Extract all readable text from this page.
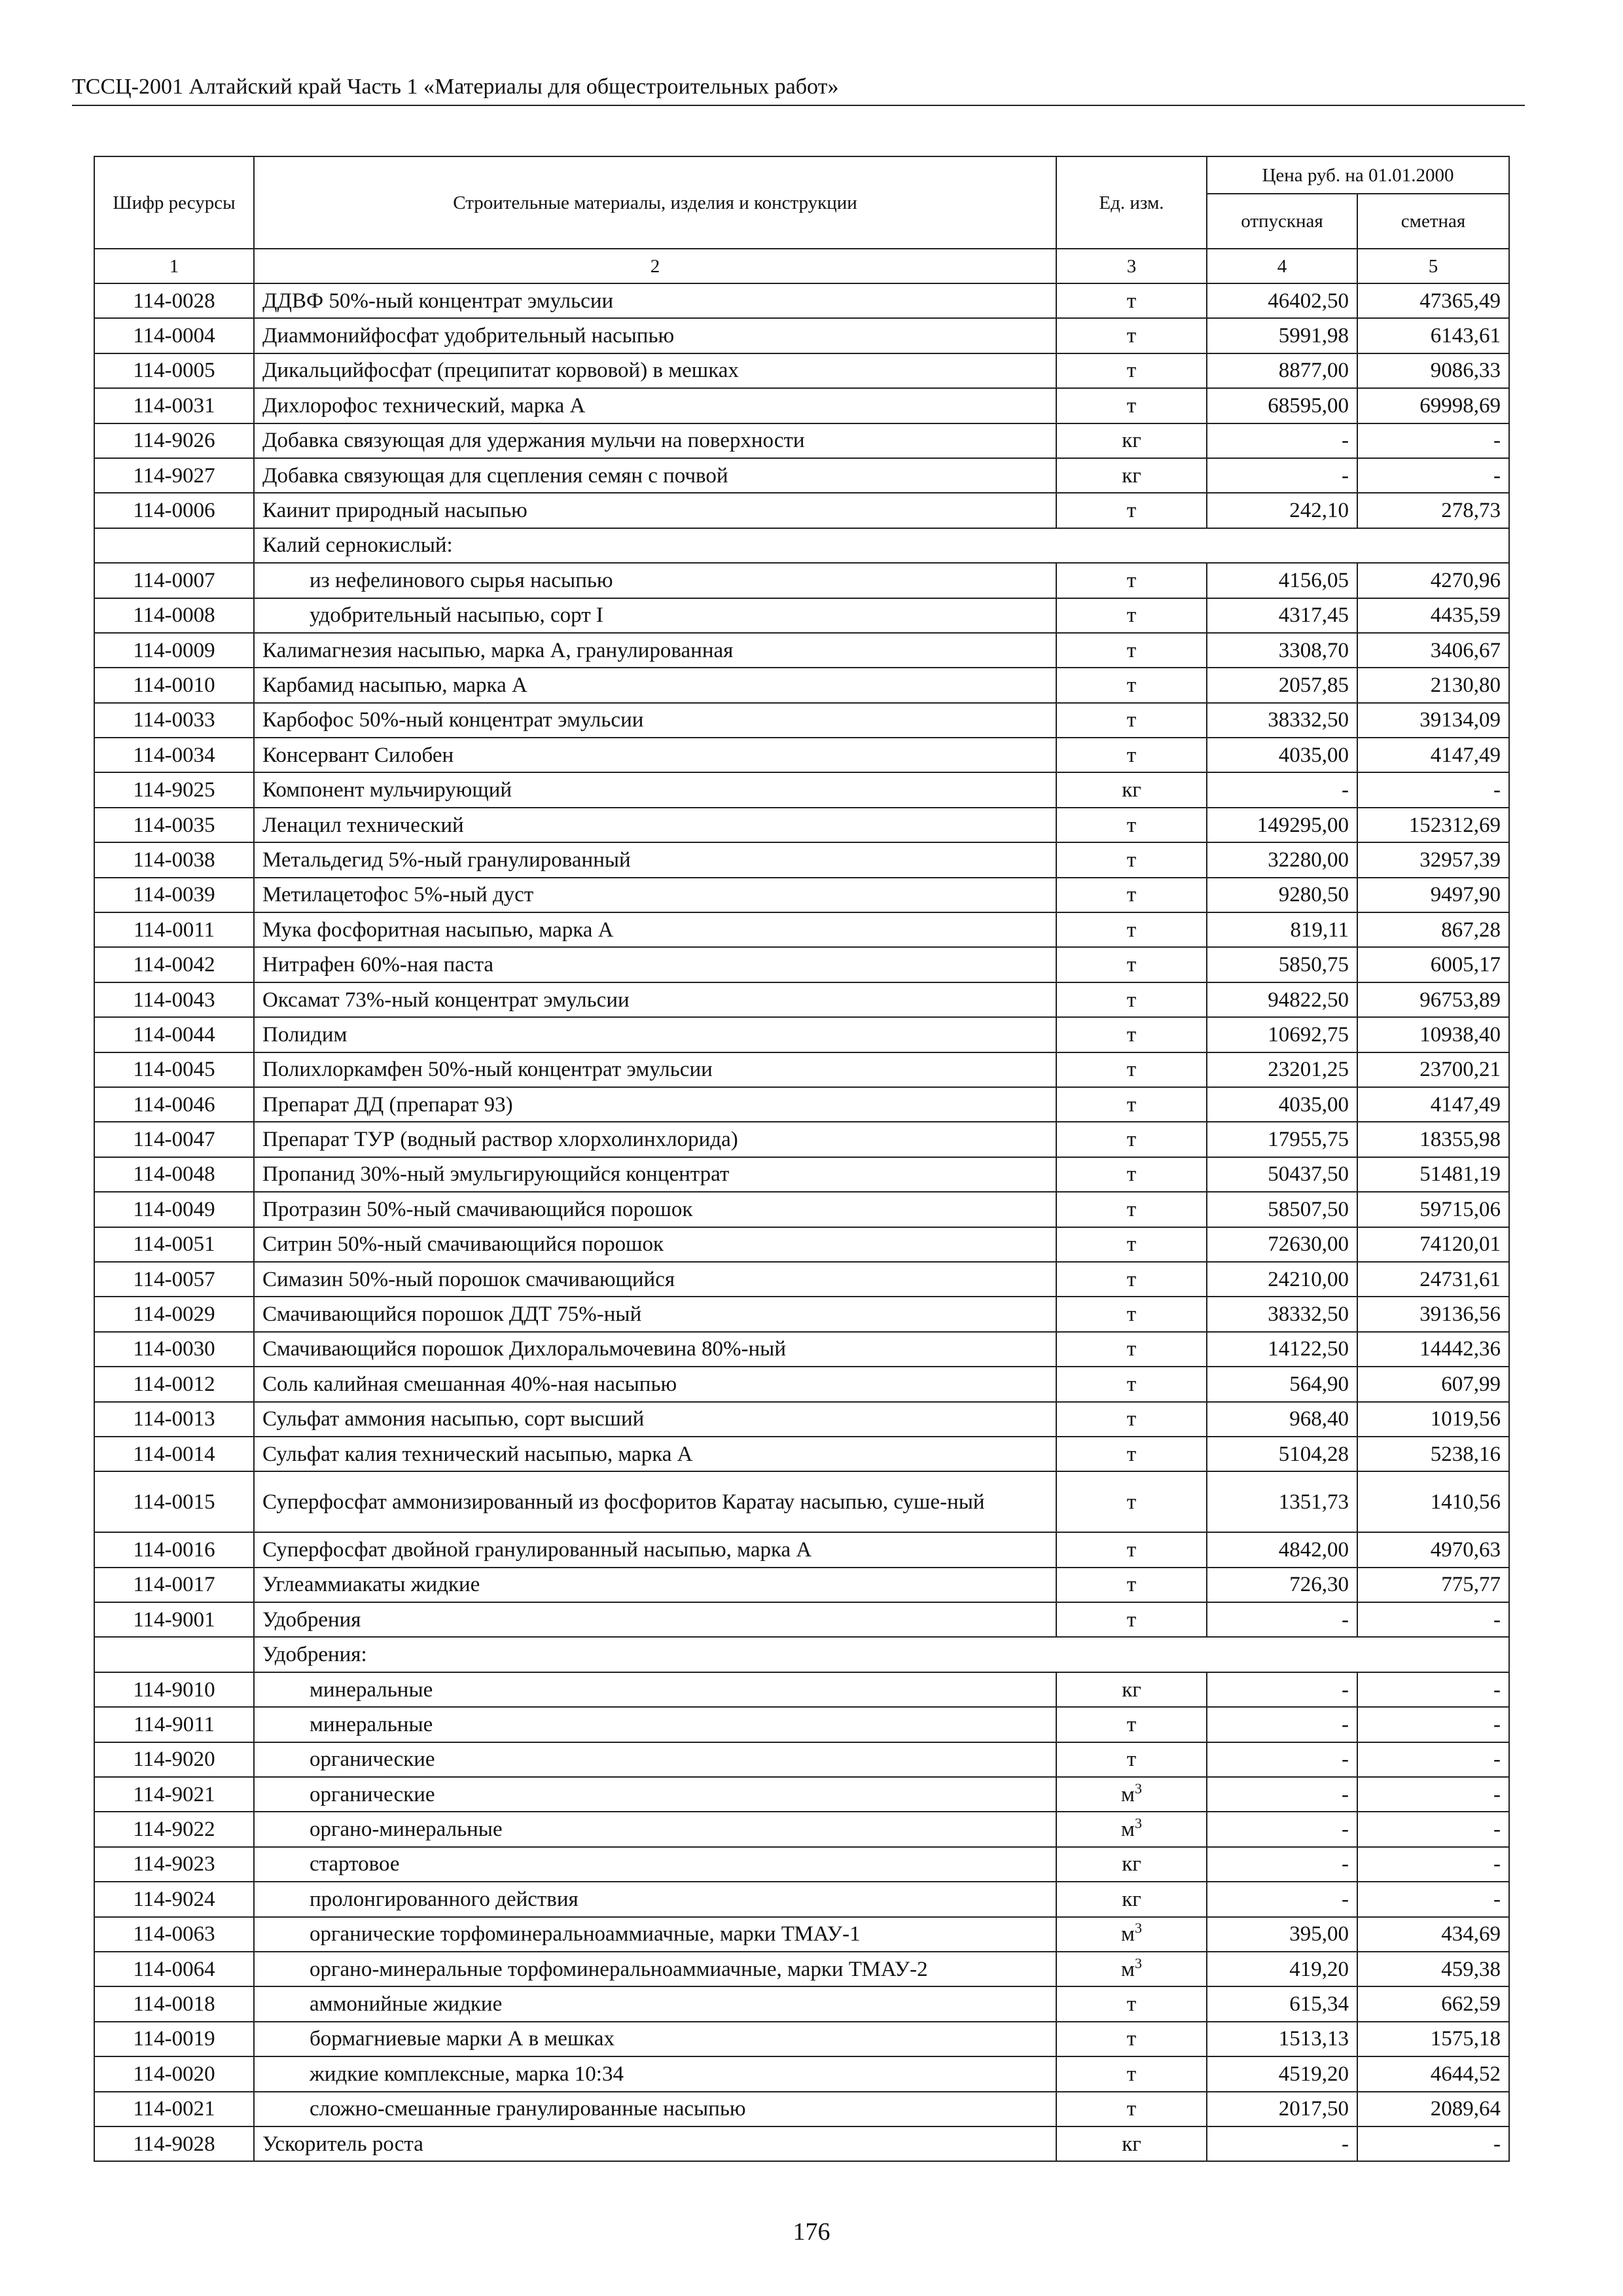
ТССЦ-2001 Алтайский край Часть 1 «Материалы для общестроительных работ»
Шифр ресурсы	Строительные материалы, изделия и конструкции	Ед. изм.	Цена руб. на 01.01.2000	
			отпускная	сметная
1	2	3	4	5
114-0028	ДДВФ 50%-ный концентрат эмульсии	т	46402,50	47365,49
114-0004	Диаммонийфосфат удобрительный насыпью	т	5991,98	6143,61
114-0005	Дикальцийфосфат (преципитат корвовой) в мешках	т	8877,00	9086,33
114-0031	Дихлорофос технический, марка А	т	68595,00	69998,69
114-9026	Добавка связующая для удержания мульчи на поверхности	кг	-	-
114-9027	Добавка связующая для сцепления семян с почвой	кг	-	-
114-0006	Каинит природный насыпью	т	242,10	278,73
	Калий сернокислый:			
114-0007	из нефелинового сырья насыпью	т	4156,05	4270,96
114-0008	удобрительный насыпью, сорт I	т	4317,45	4435,59
114-0009	Калимагнезия насыпью, марка А, гранулированная	т	3308,70	3406,67
114-0010	Карбамид насыпью, марка А	т	2057,85	2130,80
114-0033	Карбофос 50%-ный концентрат эмульсии	т	38332,50	39134,09
114-0034	Консервант Силобен	т	4035,00	4147,49
114-9025	Компонент мульчирующий	кг	-	-
114-0035	Ленацил технический	т	149295,00	152312,69
114-0038	Метальдегид 5%-ный гранулированный	т	32280,00	32957,39
114-0039	Метилацетофос 5%-ный дуст	т	9280,50	9497,90
114-0011	Мука фосфоритная насыпью, марка А	т	819,11	867,28
114-0042	Нитрафен 60%-ная паста	т	5850,75	6005,17
114-0043	Оксамат 73%-ный концентрат эмульсии	т	94822,50	96753,89
114-0044	Полидим	т	10692,75	10938,40
114-0045	Полихлоркамфен 50%-ный концентрат эмульсии	т	23201,25	23700,21
114-0046	Препарат ДД (препарат 93)	т	4035,00	4147,49
114-0047	Препарат ТУР (водный раствор хлорхолинхлорида)	т	17955,75	18355,98
114-0048	Пропанид 30%-ный эмульгирующийся концентрат	т	50437,50	51481,19
114-0049	Протразин 50%-ный смачивающийся порошок	т	58507,50	59715,06
114-0051	Ситрин 50%-ный смачивающийся порошок	т	72630,00	74120,01
114-0057	Симазин 50%-ный порошок смачивающийся	т	24210,00	24731,61
114-0029	Смачивающийся порошок ДДТ 75%-ный	т	38332,50	39136,56
114-0030	Смачивающийся порошок Дихлоральмочевина 80%-ный	т	14122,50	14442,36
114-0012	Соль калийная смешанная 40%-ная насыпью	т	564,90	607,99
114-0013	Сульфат аммония насыпью, сорт высший	т	968,40	1019,56
114-0014	Сульфат калия технический насыпью, марка А	т	5104,28	5238,16
114-0015	Суперфосфат аммонизированный из фосфоритов Каратау насыпью, суше-ный	т	1351,73	1410,56
114-0016	Суперфосфат двойной гранулированный насыпью, марка А	т	4842,00	4970,63
114-0017	Углеаммиакаты жидкие	т	726,30	775,77
114-9001	Удобрения	т	-	-
	Удобрения:			
114-9010	минеральные	кг	-	-
114-9011	минеральные	т	-	-
114-9020	органические	т	-	-
114-9021	органические	$м^3$	-	-
114-9022	органо-минеральные	$м^3$	-	-
114-9023	стартовое	кг	-	-
114-9024	пролонгированного действия	кг	-	-
114-0063	органические торфоминеральноаммиачные, марки ТМАУ-1	$м^3$	395,00	434,69
114-0064	органо-минеральные торфоминеральноаммиачные, марки ТМАУ-2	$м^3$	419,20	459,38
114-0018	аммонийные жидкие	т	615,34	662,59
114-0019	бормагниевые марки А в мешках	т	1513,13	1575,18
114-0020	жидкие комплексные, марка 10:34	т	4519,20	4644,52
114-0021	сложно-смешанные гранулированные насыпью	т	2017,50	2089,64
114-9028	Ускоритель роста	кг	-	-
176
